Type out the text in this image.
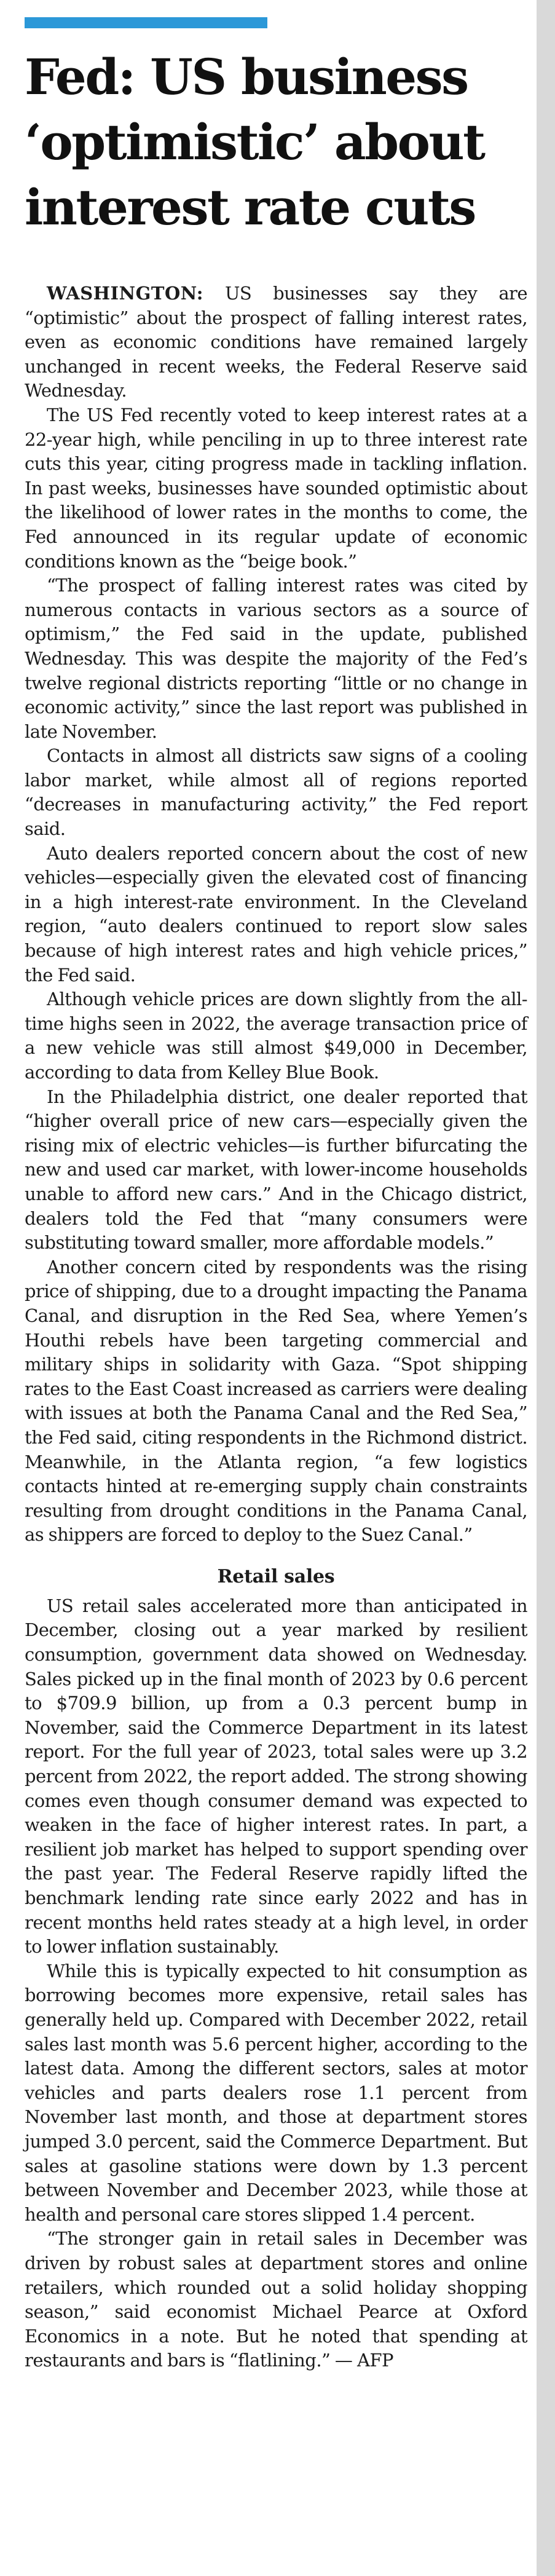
Fed: US business
‘optimistic’ about
interest rate cuts

WASHINGTON: US businesses say they are “optimistic” about the prospect of falling interest rates, even as economic conditions have remained largely unchanged in recent weeks, the Federal Reserve said Wednesday.

The US Fed recently voted to keep interest rates at a 22-year high, while penciling in up to three interest rate cuts this year, citing progress made in tackling inflation. In past weeks, businesses have sounded optimistic about the likelihood of lower rates in the months to come, the Fed announced in its regular update of economic conditions known as the “beige book.”

“The prospect of falling interest rates was cited by numerous contacts in various sectors as a source of optimism,” the Fed said in the update, published Wednesday. This was despite the majority of the Fed’s twelve regional districts reporting “little or no change in economic activity,” since the last report was published in late November.

Contacts in almost all districts saw signs of a cooling labor market, while almost all of regions reported “decreases in manufacturing activity,” the Fed report said.

Auto dealers reported concern about the cost of new vehicles—especially given the elevated cost of financing in a high interest-rate environment. In the Cleveland region, “auto dealers continued to report slow sales because of high interest rates and high vehicle prices,” the Fed said.

Although vehicle prices are down slightly from the all-time highs seen in 2022, the average transaction price of a new vehicle was still almost $49,000 in December, according to data from Kelley Blue Book.

In the Philadelphia district, one dealer reported that “higher overall price of new cars—especially given the rising mix of electric vehicles—is further bifurcating the new and used car market, with lower-income households unable to afford new cars.” And in the Chicago district, dealers told the Fed that “many consumers were substituting toward smaller, more affordable models.”

Another concern cited by respondents was the rising price of shipping, due to a drought impacting the Panama Canal, and disruption in the Red Sea, where Yemen’s Houthi rebels have been targeting commercial and military ships in solidarity with Gaza. “Spot shipping rates to the East Coast increased as carriers were dealing with issues at both the Panama Canal and the Red Sea,” the Fed said, citing respondents in the Richmond district. Meanwhile, in the Atlanta region, “a few logistics contacts hinted at re-emerging supply chain constraints resulting from drought conditions in the Panama Canal, as shippers are forced to deploy to the Suez Canal.”

Retail sales

US retail sales accelerated more than anticipated in December, closing out a year marked by resilient consumption, government data showed on Wednesday. Sales picked up in the final month of 2023 by 0.6 percent to $709.9 billion, up from a 0.3 percent bump in November, said the Commerce Department in its latest report. For the full year of 2023, total sales were up 3.2 percent from 2022, the report added. The strong showing comes even though consumer demand was expected to weaken in the face of higher interest rates. In part, a resilient job market has helped to support spending over the past year. The Federal Reserve rapidly lifted the benchmark lending rate since early 2022 and has in recent months held rates steady at a high level, in order to lower inflation sustainably.

While this is typically expected to hit consumption as borrowing becomes more expensive, retail sales has generally held up. Compared with December 2022, retail sales last month was 5.6 percent higher, according to the latest data. Among the different sectors, sales at motor vehicles and parts dealers rose 1.1 percent from November last month, and those at department stores jumped 3.0 percent, said the Commerce Department. But sales at gasoline stations were down by 1.3 percent between November and December 2023, while those at health and personal care stores slipped 1.4 percent.

“The stronger gain in retail sales in December was driven by robust sales at department stores and online retailers, which rounded out a solid holiday shopping season,” said economist Michael Pearce at Oxford Economics in a note. But he noted that spending at restaurants and bars is “flatlining.” — AFP
